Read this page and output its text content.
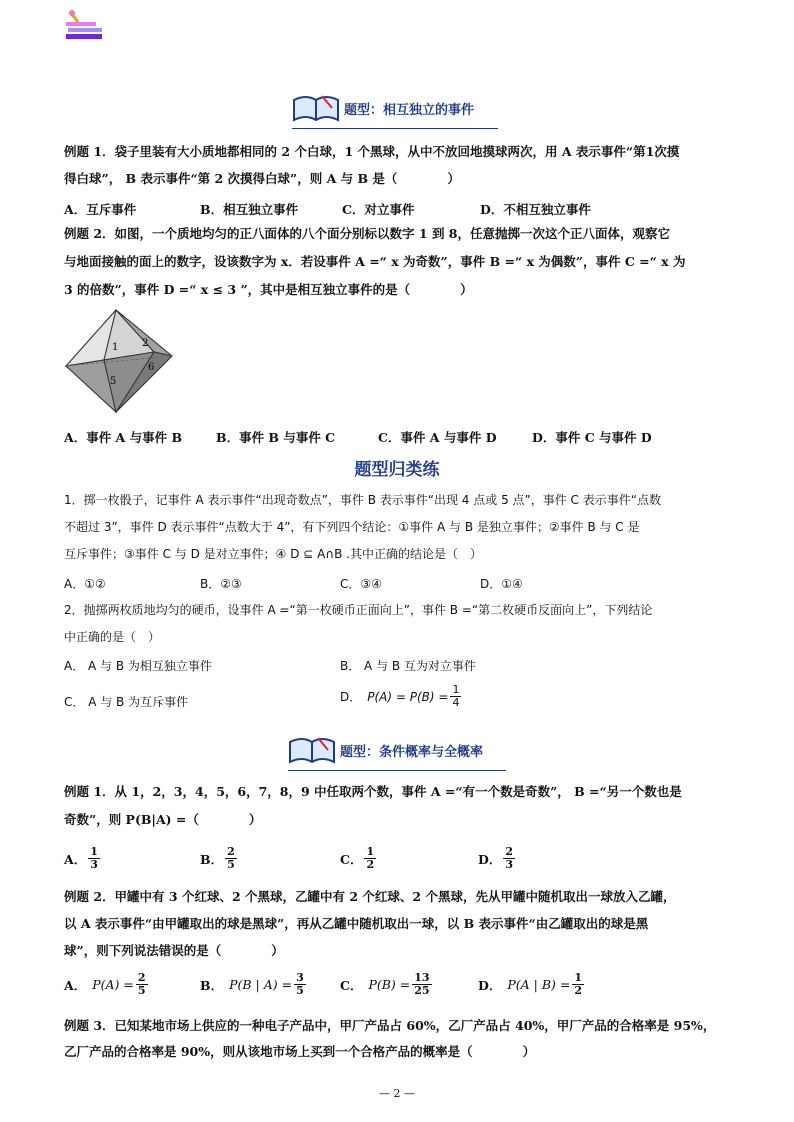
题型：相互独立的事件
例题 1．袋子里装有大小质地都相同的 2 个白球，1 个黑球，从中不放回地摸球两次，用 A 表示事件“第1次摸
得白球”， B 表示事件“第 2 次摸得白球”，则 A 与 B 是（　　　　）
A．互斥事件	B．相互独立事件	C．对立事件	D．不相互独立事件
例题 2．如图，一个质地均匀的正八面体的八个面分别标以数字 1 到 8，任意抛掷一次这个正八面体，观察它
与地面接触的面上的数字，设该数字为 x．若设事件 A =“ x 为奇数”，事件 B =“ x 为偶数”，事件 C =“ x 为
3 的倍数”，事件 D =“ x ≤ 3 ”，其中是相互独立事件的是（　　　　）
1 2
5
6
A．事件 A 与事件 B	B．事件 B 与事件 C	C．事件 A 与事件 D	D．事件 C 与事件 D
题型归类练
1．掷一枚骰子，记事件 A 表示事件“出现奇数点”，事件 B 表示事件“出现 4 点或 5 点”，事件 C 表示事件“点数
不超过 3”，事件 D 表示事件“点数大于 4”，有下列四个结论：①事件 A 与 B 是独立事件；②事件 B 与 C 是
互斥事件；③事件 C 与 D 是对立事件；④ D ⊆ A∩B .其中正确的结论是（　）
A．①②	B．②③	C．③④	D．①④
2．抛掷两枚质地均匀的硬币，设事件 A =“第一枚硬币正面向上”，事件 B =“第二枚硬币反面向上”，下列结论
中正确的是（　）
A． A 与 B 为相互独立事件	B． A 与 B 互为对立事件
C． A 与 B 为互斥事件	D． $P(A) = P(B) = \frac{1}{4}$
题型：条件概率与全概率
例题 1．从 1，2，3，4，5，6，7，8，9 中任取两个数，事件 A =“有一个数是奇数”， B =“另一个数也是
奇数”，则 P(B|A) =（　　　　）
A． $\frac{1}{3}$	B． $\frac{2}{5}$	C． $\frac{1}{2}$	D． $\frac{2}{3}$
例题 2．甲罐中有 3 个红球、2 个黑球，乙罐中有 2 个红球、2 个黑球，先从甲罐中随机取出一球放入乙罐，
以 A 表示事件“由甲罐取出的球是黑球”，再从乙罐中随机取出一球，以 B 表示事件“由乙罐取出的球是黑
球”，则下列说法错误的是（　　　　）
A． $P(A) = \frac{2}{5}$	B． P(B | $A) = \frac{3}{5}$	C． $P(B) = \frac{13}{25}$	D． P(A | $B) = \frac{1}{2}$
例题 3．已知某地市场上供应的一种电子产品中，甲厂产品占 60%，乙厂产品占 40%，甲厂产品的合格率是 95%，
乙厂产品的合格率是 90%，则从该地市场上买到一个合格产品的概率是（　　　　）
— 2 —
